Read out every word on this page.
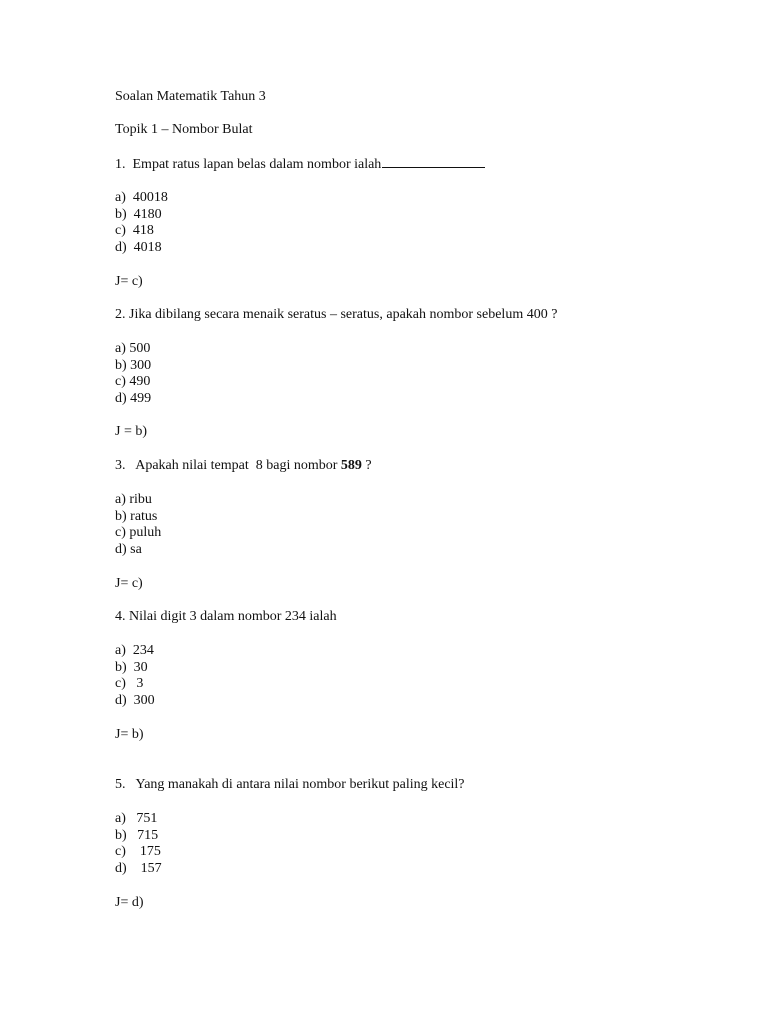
Soalan Matematik Tahun 3
Topik 1 – Nombor Bulat
1.  Empat ratus lapan belas dalam nombor ialah
a)  40018
b)  4180
c)  418
d)  4018
J= c)
2. Jika dibilang secara menaik seratus – seratus, apakah nombor sebelum 400 ?
a) 500
b) 300
c) 490
d) 499
J = b)
3.   Apakah nilai tempat  8 bagi nombor 589 ?
a) ribu
b) ratus
c) puluh
d) sa
J= c)
4. Nilai digit 3 dalam nombor 234 ialah
a)  234
b)  30
c)   3
d)  300
J= b)
5.   Yang manakah di antara nilai nombor berikut paling kecil?
a)   751
b)   715
c)    175
d)    157
J= d)
